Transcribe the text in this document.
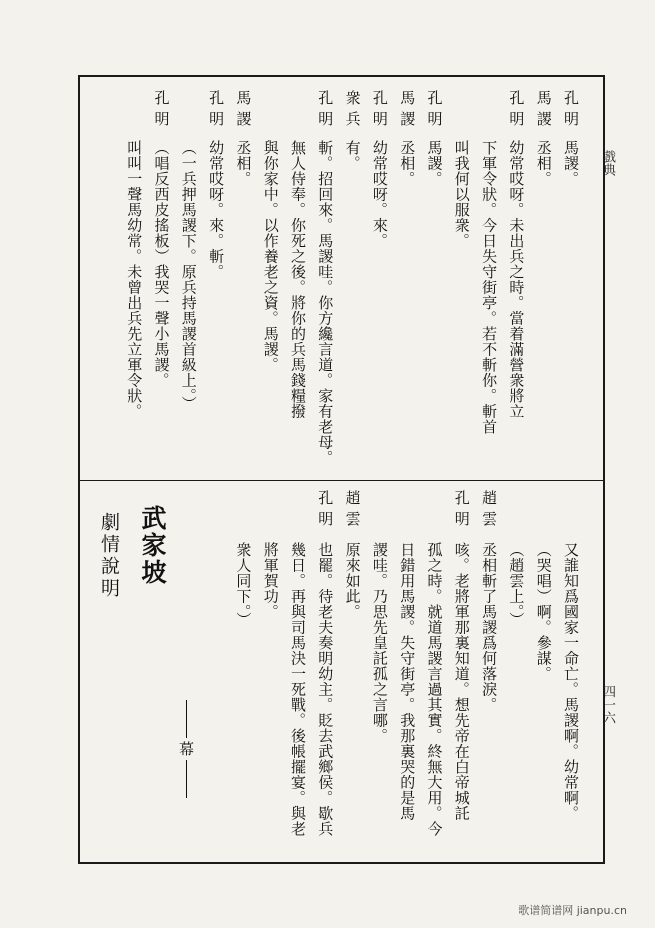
戲典
四一六
孔明
馬謖。
馬謖
丞相。
孔明
幼常哎呀。未出兵之時。當着滿營衆將立
下軍令狀。今日失守街亭。若不斬你。斬首
叫我何以服衆。
孔明
馬謖。
馬謖
丞相。
孔明
幼常哎呀。來。
衆兵
有。
孔明
斬。招回來。馬謖哇。你方纔言道。家有老母。
無人侍奉。你死之後。將你的兵馬錢糧撥
與你家中。以作養老之資。馬謖。
馬謖
丞相。
孔明
幼常哎呀。來。斬。
（一兵押馬謖下。原兵持馬謖首級上。）
孔明
（唱反西皮搖板）我哭一聲小馬謖。
叫叫一聲馬幼常。未曾出兵先立軍令狀。
又誰知爲國家一命亡。馬謖啊。幼常啊。
（哭唱）啊。參謀。
（趙雲上。）
趙雲
丞相斬了馬謖爲何落淚。
孔明
咳。老將軍那裏知道。想先帝在白帝城託
孤之時。就道馬謖言過其實。終無大用。今
日錯用馬謖。失守街亭。我那裏哭的是馬
謖哇。乃思先皇託孤之言哪。
趙雲
原來如此。
孔明
也罷。待老夫奏明幼主。貶去武鄉侯。歇兵
幾日。再與司馬決一死戰。後帳擺宴。與老
將軍賀功。
衆人同下。）
幕
武家坡
劇情說明
歌谱简谱网 jianpu.cn
